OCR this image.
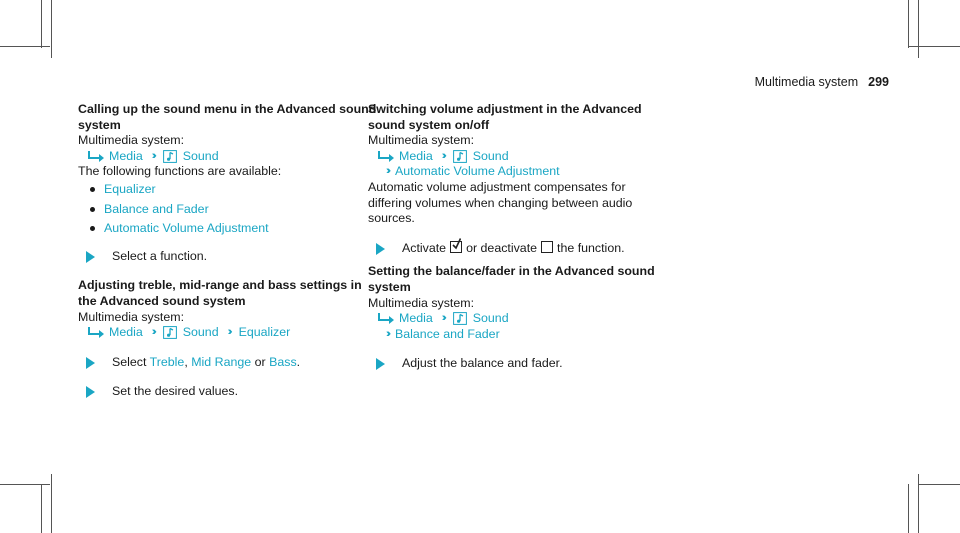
Multimedia system 299

Calling up the sound menu in the Advanced sound system

Multimedia system:

Media ››› Sound

The following functions are available:

Equalizer
Balance and Fader
Automatic Volume Adjustment

Select a function.

Adjusting treble, mid-range and bass settings in the Advanced sound system

Multimedia system:

Media ››› Sound ››› Equalizer

Select Treble, Mid Range or Bass.

Set the desired values.

Switching volume adjustment in the Advanced sound system on/off

Multimedia system:

Media ››› Sound
››› Automatic Volume Adjustment

Automatic volume adjustment compensates for differing volumes when changing between audio sources.

Activate or deactivate the function.

Setting the balance/fader in the Advanced sound system

Multimedia system:

Media ››› Sound
››› Balance and Fader

Adjust the balance and fader.
